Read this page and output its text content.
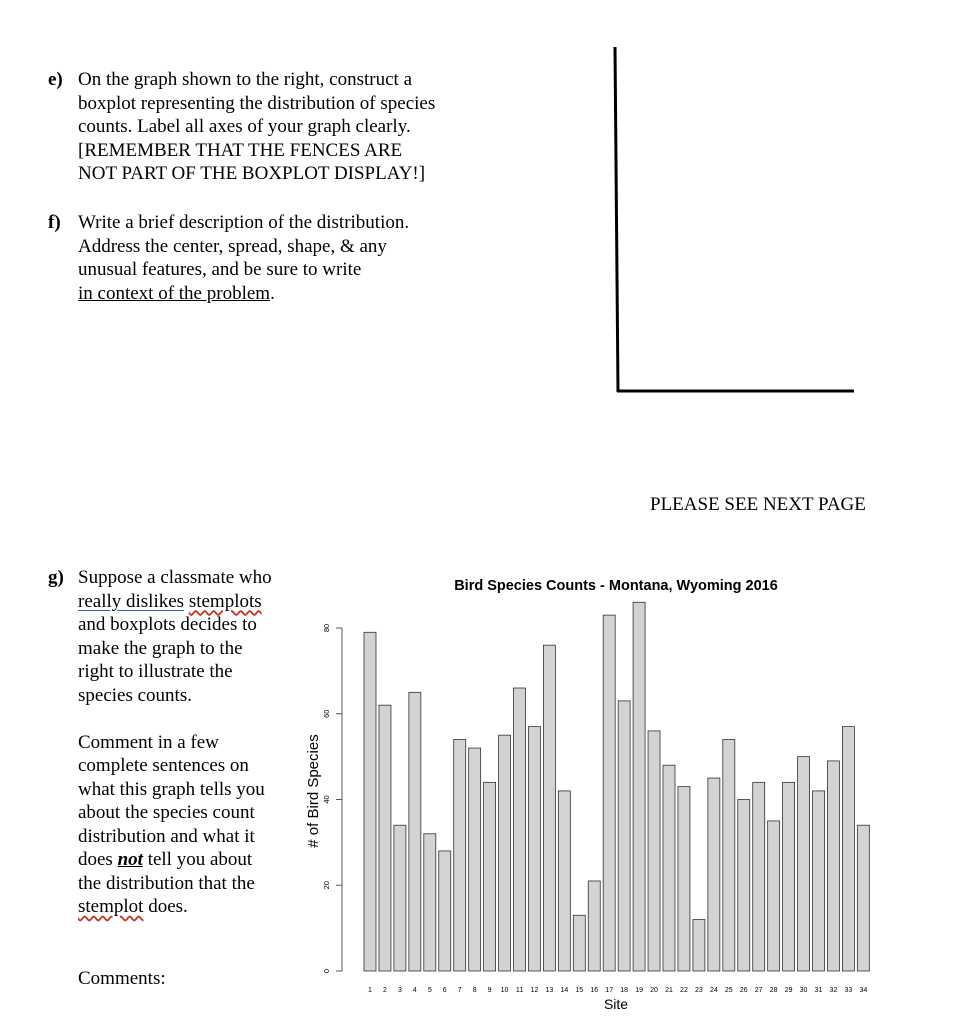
e) On the graph shown to the right, construct a
boxplot representing the distribution of species
counts. Label all axes of your graph clearly.
[REMEMBER THAT THE FENCES ARE
NOT PART OF THE BOXPLOT DISPLAY!]
f) Write a brief description of the distribution.
Address the center, spread, shape, & any
unusual features, and be sure to write
in context of the problem.
PLEASE SEE NEXT PAGE
g) Suppose a classmate who
really dislikes stemplots
and boxplots decides to
make the graph to the
right to illustrate the
species counts.
Comment in a few
complete sentences on
what this graph tells you
about the species count
distribution and what it
does not tell you about
the distribution that the
stemplot does.
Comments:
Bird Species Counts - Montana, Wyoming 2016
# of Bird Species
Site
0
20
40
60
80
1 2 3 4 5 6 7 8 9 10 11 12 13 14 15 16 17 18 19 20 21 22 23 24 25 26 27 28 29 30 31 32 33 34
